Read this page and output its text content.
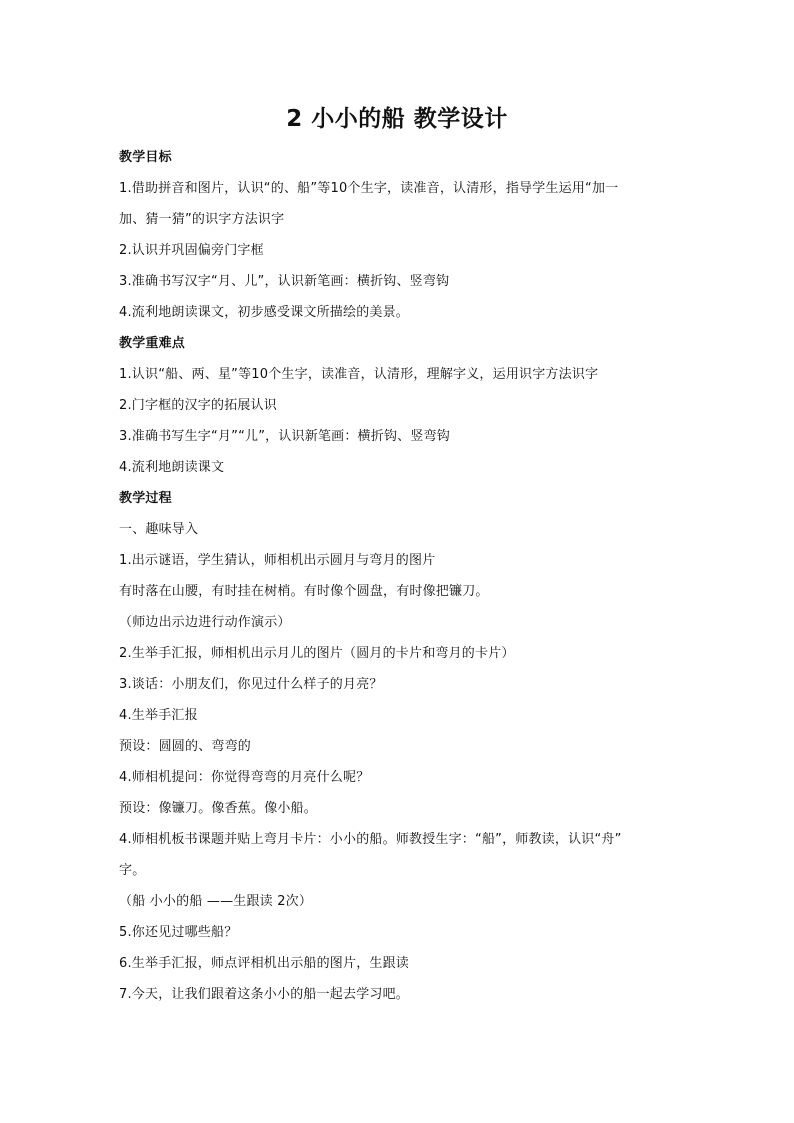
2 小小的船 教学设计
教学目标
1.借助拼音和图片，认识“的、船”等10个生字，读准音，认清形，指导学生运用“加一
加、猜一猜”的识字方法识字
2.认识并巩固偏旁门字框
3.准确书写汉字“月、儿”，认识新笔画：横折钩、竖弯钩
4.流利地朗读课文，初步感受课文所描绘的美景。
教学重难点
1.认识“船、两、星”等10个生字，读准音，认清形，理解字义，运用识字方法识字
2.门字框的汉字的拓展认识
3.准确书写生字“月”“儿”，认识新笔画：横折钩、竖弯钩
4.流利地朗读课文
教学过程
一、趣味导入
1.出示谜语，学生猜认，师相机出示圆月与弯月的图片
有时落在山腰，有时挂在树梢。有时像个圆盘，有时像把镰刀。
（师边出示边进行动作演示）
2.生举手汇报，师相机出示月儿的图片（圆月的卡片和弯月的卡片）
3.谈话：小朋友们，你见过什么样子的月亮？
4.生举手汇报
预设：圆圆的、弯弯的
4.师相机提问：你觉得弯弯的月亮什么呢？
预设：像镰刀。像香蕉。像小船。
4.师相机板书课题并贴上弯月卡片：小小的船。师教授生字：“船”，师教读，认识“舟”
字。
（船 小小的船 ——生跟读 2次）
5.你还见过哪些船？
6.生举手汇报，师点评相机出示船的图片，生跟读
7.今天，让我们跟着这条小小的船一起去学习吧。
